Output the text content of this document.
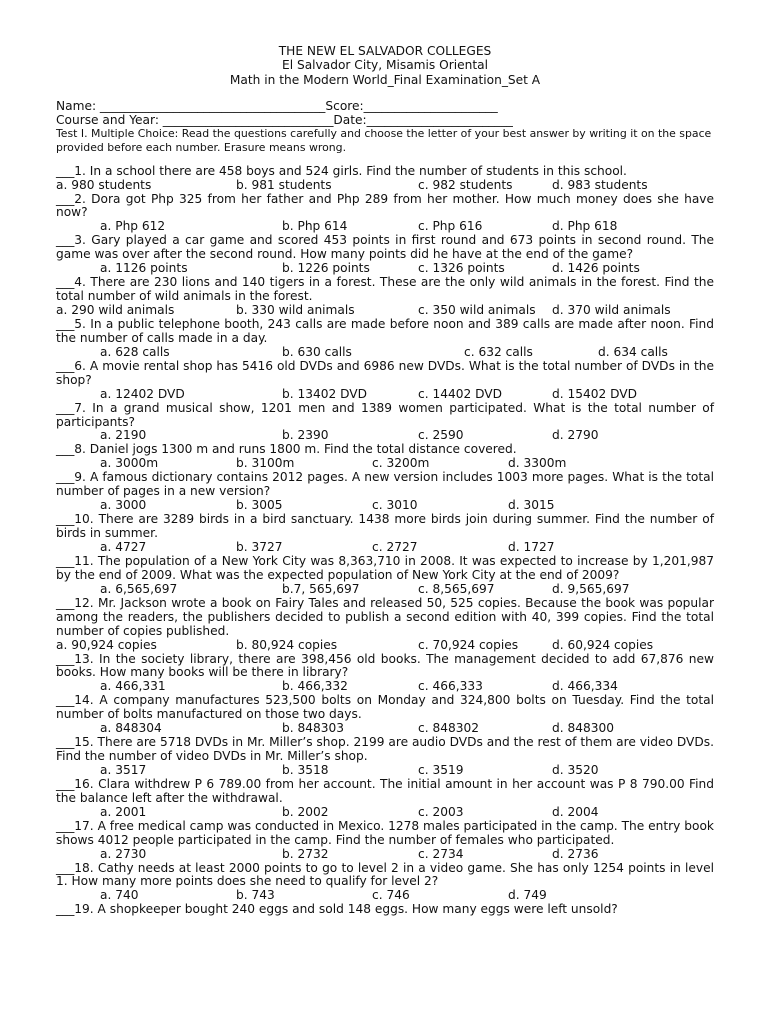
THE NEW EL SALVADOR COLLEGES
El Salvador City, Misamis Oriental
Math in the Modern World_Final Examination_Set A
Name: _____________________________________Score:______________________
Course and Year: ____________________________Date:________________________
Test I. Multiple Choice: Read the questions carefully and choose the letter of your best answer by writing it on the space provided before each number. Erasure means wrong.
___1. In a school there are 458 boys and 524 girls. Find the number of students in this school.
a. 980 students	b. 981 students	c. 982 students	d. 983 students
___2. Dora got Php 325 from her father and Php 289 from her mother. How much money does she have now?
a. Php 612	b. Php 614	c. Php 616	d. Php 618
___3. Gary played a car game and scored 453 points in first round and 673 points in second round. The game was over after the second round. How many points did he have at the end of the game?
a. 1126 points	b. 1226 points	c. 1326 points	d. 1426 points
___4. There are 230 lions and 140 tigers in a forest. These are the only wild animals in the forest. Find the total number of wild animals in the forest.
a. 290 wild animals	b. 330 wild animals	c. 350 wild animals d. 370 wild animals
___5. In a public telephone booth, 243 calls are made before noon and 389 calls are made after noon. Find the number of calls made in a day.
a. 628 calls	b. 630 calls	c. 632 calls	d. 634 calls
___6. A movie rental shop has 5416 old DVDs and 6986 new DVDs. What is the total number of DVDs in the shop?
a. 12402 DVD	b. 13402 DVD	c. 14402 DVD	d. 15402 DVD
___7. In a grand musical show, 1201 men and 1389 women participated. What is the total number of participants?
a. 2190	b. 2390	c. 2590	d. 2790
___8. Daniel jogs 1300 m and runs 1800 m. Find the total distance covered.
a. 3000m	b. 3100m	c. 3200m	d. 3300m
___9. A famous dictionary contains 2012 pages. A new version includes 1003 more pages. What is the total number of pages in a new version?
a. 3000	b. 3005	c. 3010	d. 3015
___10. There are 3289 birds in a bird sanctuary. 1438 more birds join during summer. Find the number of birds in summer.
a. 4727	b. 3727	c. 2727	d. 1727
___11. The population of a New York City was 8,363,710 in 2008. It was expected to increase by 1,201,987 by the end of 2009. What was the expected population of New York City at the end of 2009?
a. 6,565,697	b.7, 565,697	c. 8,565,697	d. 9,565,697
___12. Mr. Jackson wrote a book on Fairy Tales and released 50, 525 copies. Because the book was popular among the readers, the publishers decided to publish a second edition with 40, 399 copies. Find the total number of copies published.
a. 90,924 copies	b. 80,924 copies	c. 70,924 copies	d. 60,924 copies
___13. In the society library, there are 398,456 old books. The management decided to add 67,876 new books. How many books will be there in library?
a. 466,331	b. 466,332	c. 466,333	d. 466,334
___14. A company manufactures 523,500 bolts on Monday and 324,800 bolts on Tuesday. Find the total number of bolts manufactured on those two days.
a. 848304	b. 848303	c. 848302	d. 848300
___15. There are 5718 DVDs in Mr. Miller’s shop. 2199 are audio DVDs and the rest of them are video DVDs. Find the number of video DVDs in Mr. Miller’s shop.
a. 3517	b. 3518	c. 3519	d. 3520
___16. Clara withdrew P 6 789.00 from her account. The initial amount in her account was P 8 790.00 Find the balance left after the withdrawal.
a. 2001	b. 2002	c. 2003	d. 2004
___17. A free medical camp was conducted in Mexico. 1278 males participated in the camp. The entry book shows 4012 people participated in the camp. Find the number of females who participated.
a. 2730	b. 2732	c. 2734	d. 2736
___18. Cathy needs at least 2000 points to go to level 2 in a video game. She has only 1254 points in level 1. How many more points does she need to qualify for level 2?
a. 740	b. 743	c. 746	d. 749
___19. A shopkeeper bought 240 eggs and sold 148 eggs. How many eggs were left unsold?
